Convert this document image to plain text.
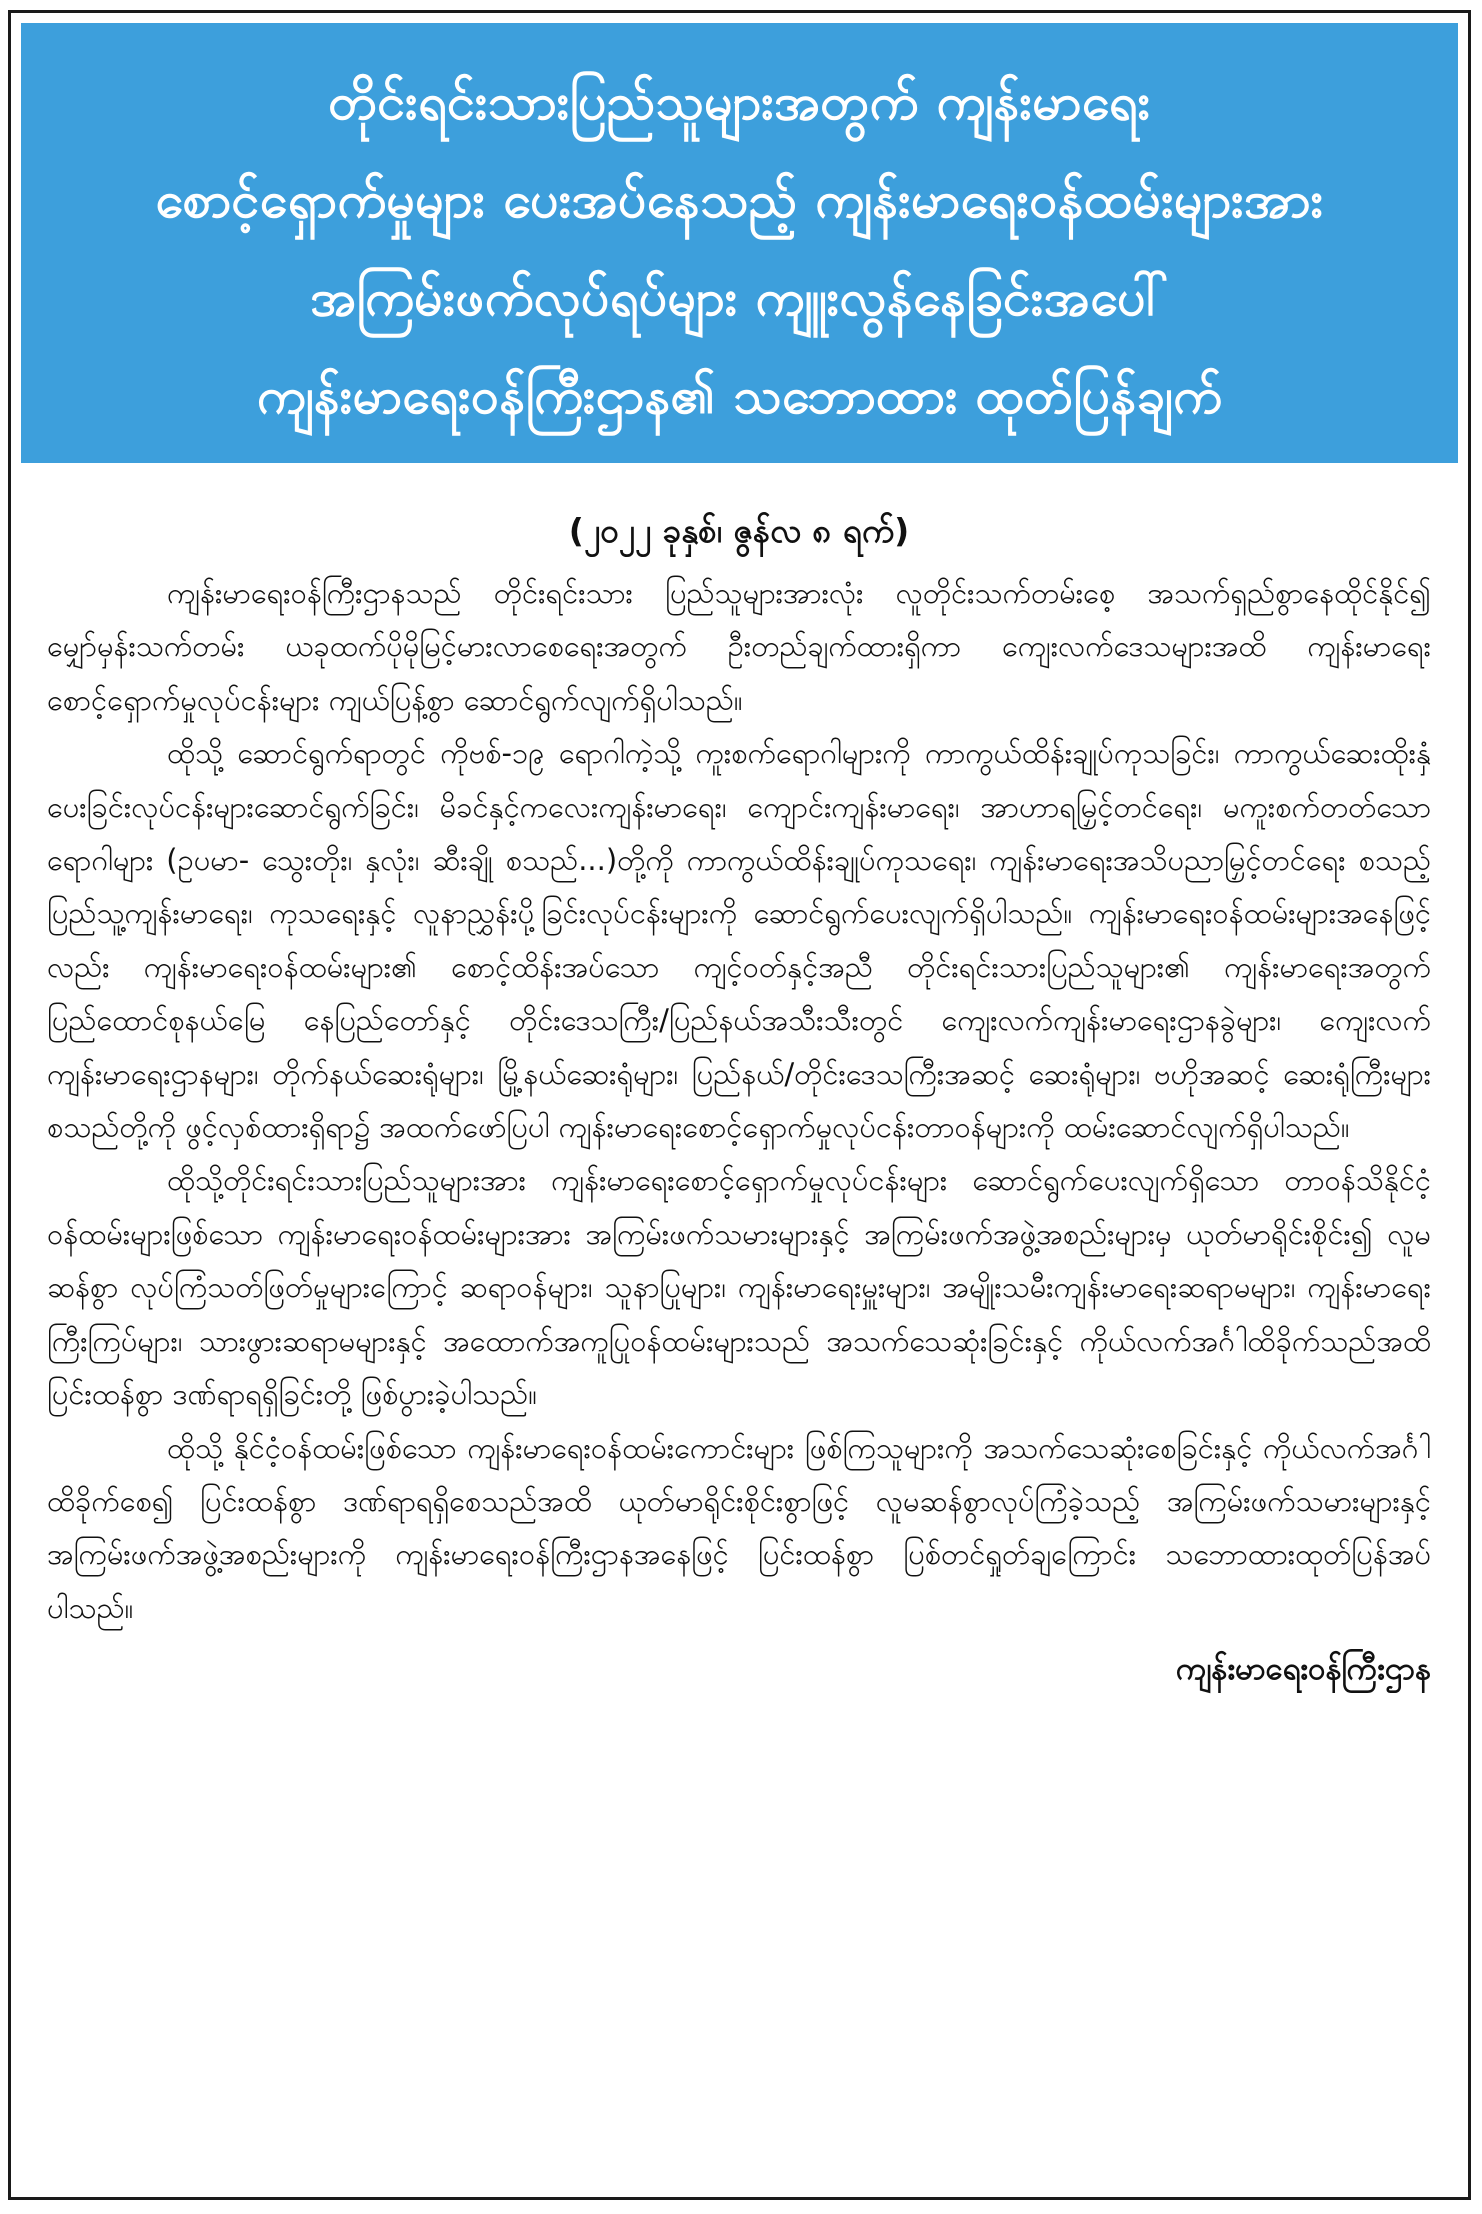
တိုင်းရင်းသားပြည်သူများအတွက် ကျန်းမာရေး
စောင့်ရှောက်မှုများ ပေးအပ်နေသည့် ကျန်းမာရေးဝန်ထမ်းများအား
အကြမ်းဖက်လုပ်ရပ်များ ကျူးလွန်နေခြင်းအပေါ်
ကျန်းမာရေးဝန်ကြီးဌာန၏ သဘောထား ထုတ်ပြန်ချက်
(၂၀၂၂ ခုနှစ်၊ ဇွန်လ ၈ ရက်)

ကျန်းမာရေးဝန်ကြီးဌာနသည် တိုင်းရင်းသား ပြည်သူများအားလုံး လူတိုင်းသက်တမ်းစေ့ အသက်ရှည်စွာနေထိုင်နိုင်၍ မျှော်မှန်းသက်တမ်း ယခုထက်ပိုမိုမြင့်မားလာစေရေးအတွက် ဦးတည်ချက်ထားရှိကာ ကျေးလက်ဒေသများအထိ ကျန်းမာရေးစောင့်ရှောက်မှုလုပ်ငန်းများ ကျယ်ပြန့်စွာ ဆောင်ရွက်လျက်ရှိပါသည်။

ထိုသို့ ဆောင်ရွက်ရာတွင် ကိုဗစ်-၁၉ ရောဂါကဲ့သို့ ကူးစက်ရောဂါများကို ကာကွယ်ထိန်းချုပ်ကုသခြင်း၊ ကာကွယ်ဆေးထိုးနှံပေးခြင်းလုပ်ငန်းများဆောင်ရွက်ခြင်း၊ မိခင်နှင့်ကလေးကျန်းမာရေး၊ ကျောင်းကျန်းမာရေး၊ အာဟာရမြှင့်တင်ရေး၊ မကူးစက်တတ်သောရောဂါများ (ဥပမာ- သွေးတိုး၊ နှလုံး၊ ဆီးချို စသည်...)တို့ကို ကာကွယ်ထိန်းချုပ်ကုသရေး၊ ကျန်းမာရေးအသိပညာမြှင့်တင်ရေး စသည့် ပြည်သူ့ကျန်းမာရေး၊ ကုသရေးနှင့် လူနာညွှန်းပို့ခြင်းလုပ်ငန်းများကို ဆောင်ရွက်ပေးလျက်ရှိပါသည်။ ကျန်းမာရေးဝန်ထမ်းများအနေဖြင့်လည်း ကျန်းမာရေးဝန်ထမ်းများ၏ စောင့်ထိန်းအပ်သော ကျင့်ဝတ်နှင့်အညီ တိုင်းရင်းသားပြည်သူများ၏ ကျန်းမာရေးအတွက် ပြည်ထောင်စုနယ်မြေ နေပြည်တော်နှင့် တိုင်းဒေသကြီး/ပြည်နယ်အသီးသီးတွင် ကျေးလက်ကျန်းမာရေးဌာနခွဲများ၊ ကျေးလက်ကျန်းမာရေးဌာနများ၊ တိုက်နယ်ဆေးရုံများ၊ မြို့နယ်ဆေးရုံများ၊ ပြည်နယ်/တိုင်းဒေသကြီးအဆင့် ဆေးရုံများ၊ ဗဟိုအဆင့် ဆေးရုံကြီးများစသည်တို့ကို ဖွင့်လှစ်ထားရှိရာ၌ အထက်ဖော်ပြပါ ကျန်းမာရေးစောင့်ရှောက်မှုလုပ်ငန်းတာဝန်များကို ထမ်းဆောင်လျက်ရှိပါသည်။

ထိုသို့တိုင်းရင်းသားပြည်သူများအား ကျန်းမာရေးစောင့်ရှောက်မှုလုပ်ငန်းများ ဆောင်ရွက်ပေးလျက်ရှိသော တာဝန်သိနိုင်ငံ့ဝန်ထမ်းများဖြစ်သော ကျန်းမာရေးဝန်ထမ်းများအား အကြမ်းဖက်သမားများနှင့် အကြမ်းဖက်အဖွဲ့အစည်းများမှ ယုတ်မာရိုင်းစိုင်း၍ လူမဆန်စွာ လုပ်ကြံသတ်ဖြတ်မှုများကြောင့် ဆရာဝန်များ၊ သူနာပြုများ၊ ကျန်းမာရေးမှူးများ၊ အမျိုးသမီးကျန်းမာရေးဆရာမများ၊ ကျန်းမာရေးကြီးကြပ်များ၊ သားဖွားဆရာမများနှင့် အထောက်အကူပြုဝန်ထမ်းများသည် အသက်သေဆုံးခြင်းနှင့် ကိုယ်လက်အင်္ဂါထိခိုက်သည်အထိ ပြင်းထန်စွာ ဒဏ်ရာရရှိခြင်းတို့ ဖြစ်ပွားခဲ့ပါသည်။

ထိုသို့ နိုင်ငံ့ဝန်ထမ်းဖြစ်သော ကျန်းမာရေးဝန်ထမ်းကောင်းများ ဖြစ်ကြသူများကို အသက်သေဆုံးစေခြင်းနှင့် ကိုယ်လက်အင်္ဂါထိခိုက်စေ၍ ပြင်းထန်စွာ ဒဏ်ရာရရှိစေသည်အထိ ယုတ်မာရိုင်းစိုင်းစွာဖြင့် လူမဆန်စွာလုပ်ကြံခဲ့သည့် အကြမ်းဖက်သမားများနှင့် အကြမ်းဖက်အဖွဲ့အစည်းများကို ကျန်းမာရေးဝန်ကြီးဌာနအနေဖြင့် ပြင်းထန်စွာ ပြစ်တင်ရှုတ်ချကြောင်း သဘောထားထုတ်ပြန်အပ်ပါသည်။

ကျန်းမာရေးဝန်ကြီးဌာန
